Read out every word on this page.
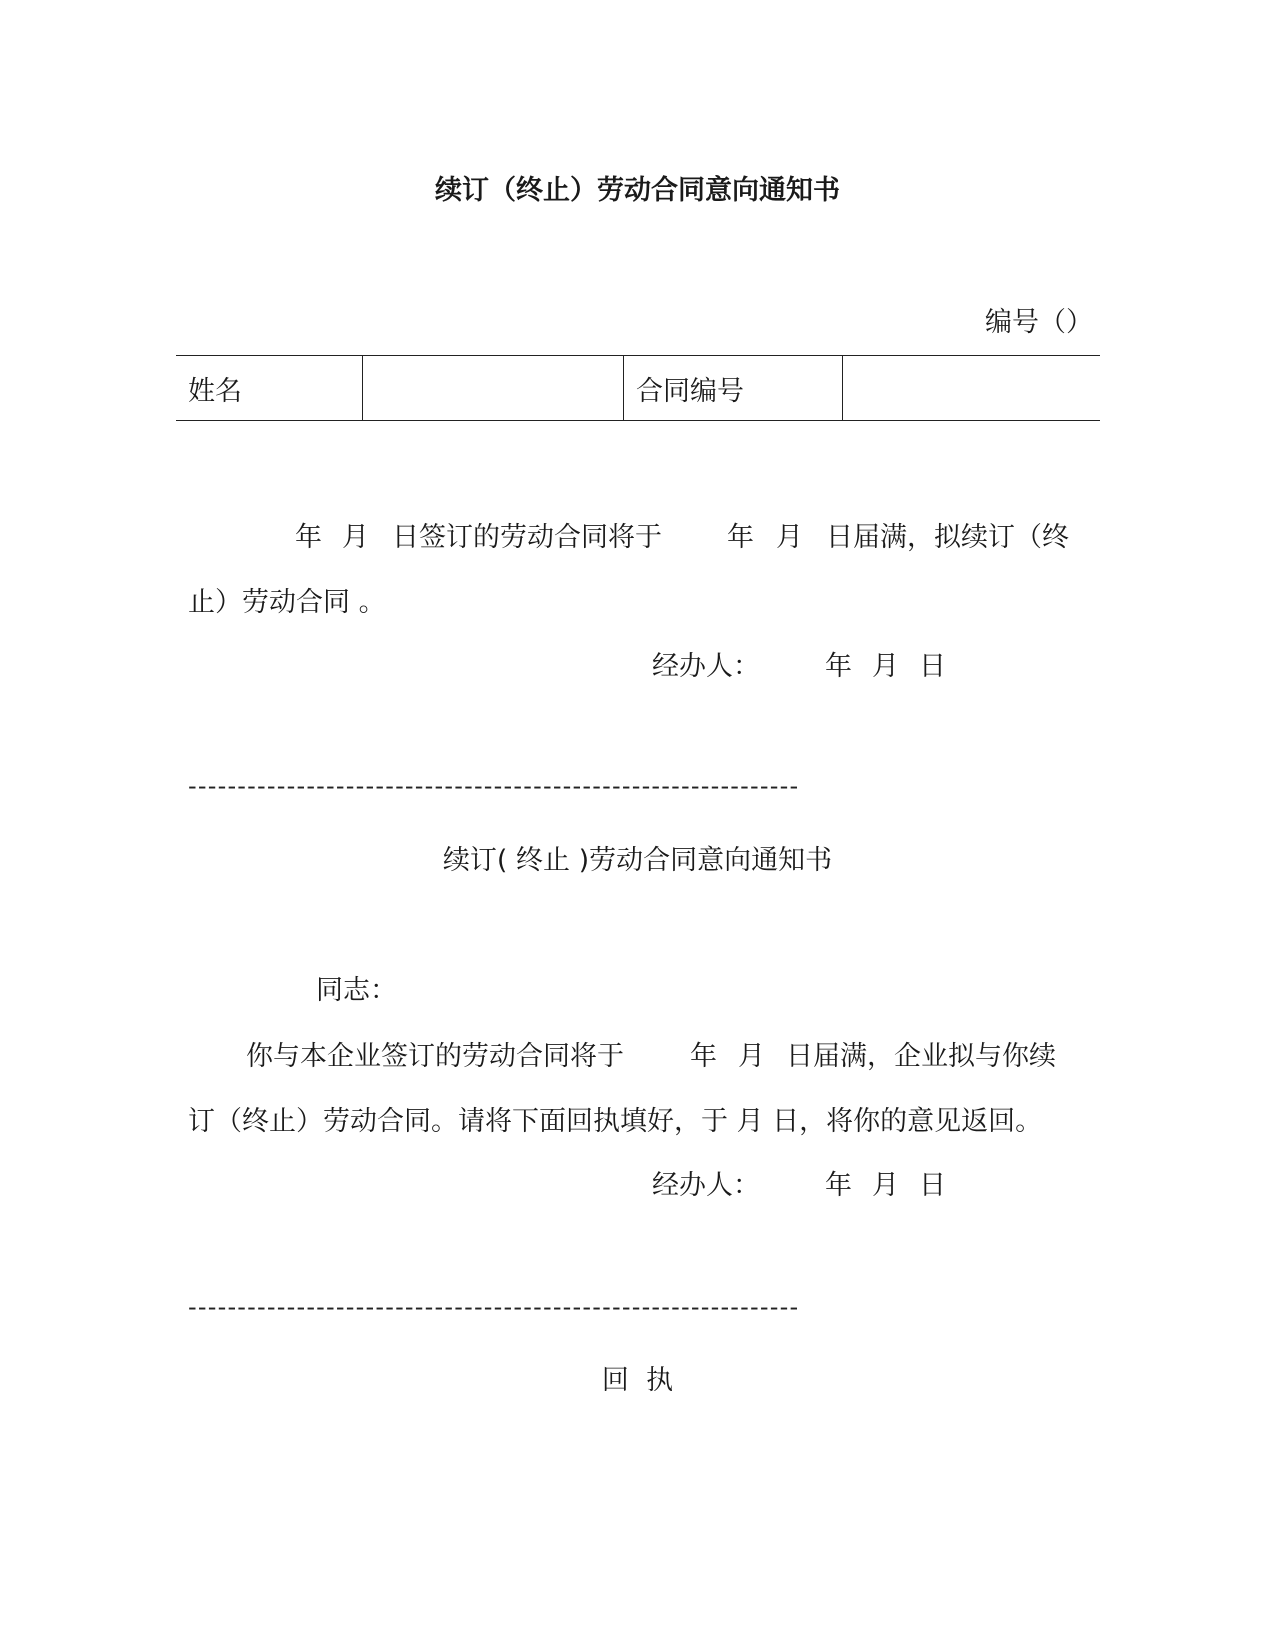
续订（终止）劳动合同意向通知书
编号（）
姓名		合同编号	
年 月 日签订的劳动合同将于 年 月 日届满，拟续订（终
止）劳动合同 。
经办人： 年 月 日
--------------------------------------------------------------
续订( 终止 )劳动合同意向通知书
同志：
你与本企业签订的劳动合同将于 年 月 日届满，企业拟与你续
订（终止）劳动合同。请将下面回执填好，于 月 日，将你的意见返回。
经办人： 年 月 日
--------------------------------------------------------------
回  执
